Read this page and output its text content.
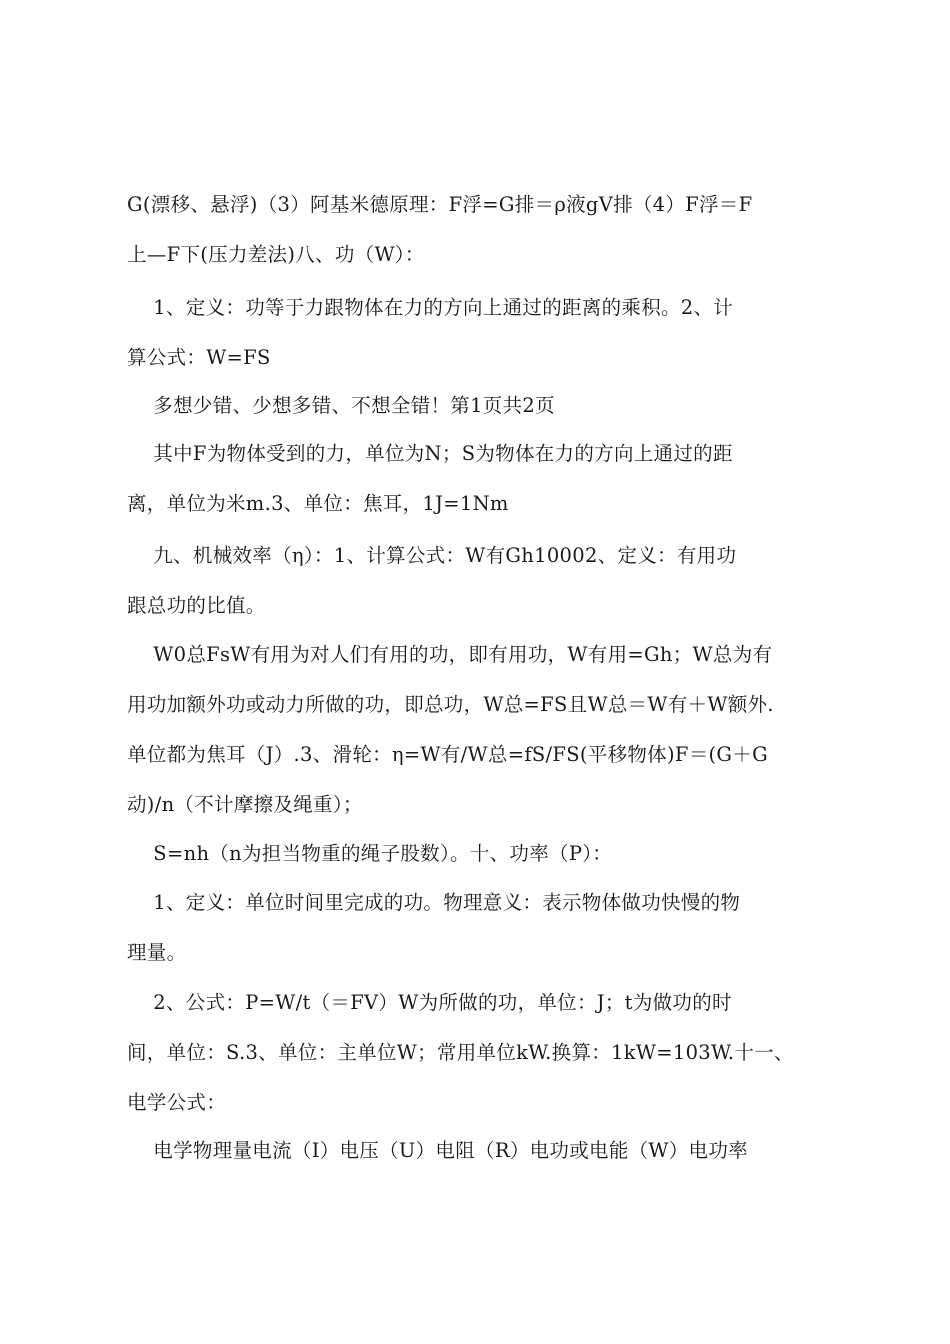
G(漂移、悬浮)（3）阿基米德原理：F浮=G排＝ρ液gV排（4）F浮＝F
上—F下(压力差法)八、功（W）：
　 1、定义：功等于力跟物体在力的方向上通过的距离的乘积。2、计
算公式：W=FS
　 多想少错、少想多错、不想全错！第1页共2页
　 其中F为物体受到的力，单位为N；S为物体在力的方向上通过的距
离，单位为米m.3、单位：焦耳，1J=1Nm
　 九、机械效率（η）：1、计算公式：W有Gh10002、定义：有用功
跟总功的比值。
　 W0总FsW有用为对人们有用的功，即有用功，W有用=Gh；W总为有
用功加额外功或动力所做的功，即总功，W总=FS且W总＝W有＋W额外.
单位都为焦耳（J）.3、滑轮：η=W有/W总=fS/FS(平移物体)F＝(G＋G
动)/n（不计摩擦及绳重）；
　 S=nh（n为担当物重的绳子股数）。十、功率（P）：
　 1、定义：单位时间里完成的功。物理意义：表示物体做功快慢的物
理量。
　 2、公式：P=W/t（＝FV）W为所做的功，单位：J；t为做功的时
间，单位：S.3、单位：主单位W；常用单位kW.换算：1kW=103W.十一、
电学公式：
　 电学物理量电流（I）电压（U）电阻（R）电功或电能（W）电功率
